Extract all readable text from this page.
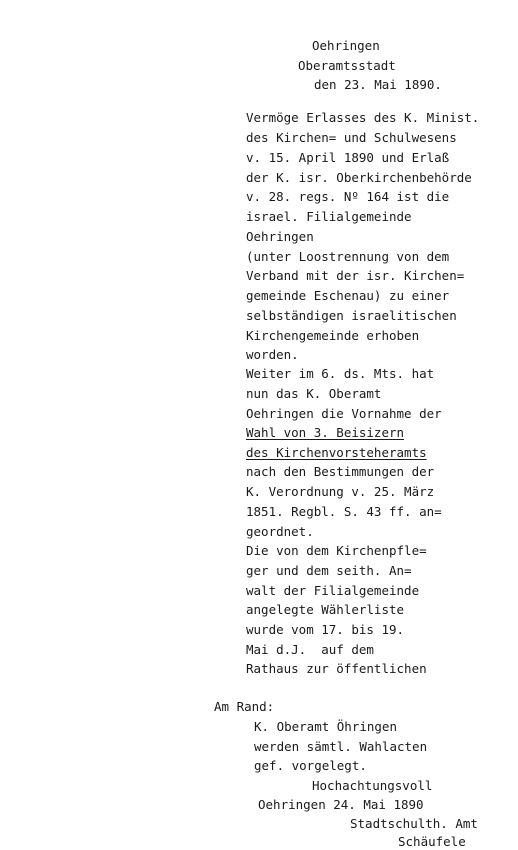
Oehringen
Oberamtsstadt
den 23. Mai 1890.
Vermöge Erlasses des K. Minist.
des Kirchen= und Schulwesens
v. 15. April 1890 und Erlaß
der K. isr. Oberkirchenbehörde
v. 28. regs. Nº 164 ist die
israel. Filialgemeinde
Oehringen
(unter Loostrennung von dem
Verband mit der isr. Kirchen=
gemeinde Eschenau) zu einer
selbständigen israelitischen
Kirchengemeinde erhoben
worden.
Weiter im 6. ds. Mts. hat
nun das K. Oberamt
Oehringen die Vornahme der
Wahl von 3. Beisizern
des Kirchenvorsteheramts
nach den Bestimmungen der
K. Verordnung v. 25. März
1851. Regbl. S. 43 ff. an=
geordnet.
Die von dem Kirchenpfle=
ger und dem seith. An=
walt der Filialgemeinde
angelegte Wählerliste
wurde vom 17. bis 19.
Mai d.J.  auf dem
Rathaus zur öffentlichen
Am Rand:
K. Oberamt Öhringen
werden sämtl. Wahlacten
gef. vorgelegt.
Hochachtungsvoll
Oehringen 24. Mai 1890
Stadtschulth. Amt
Schäufele
